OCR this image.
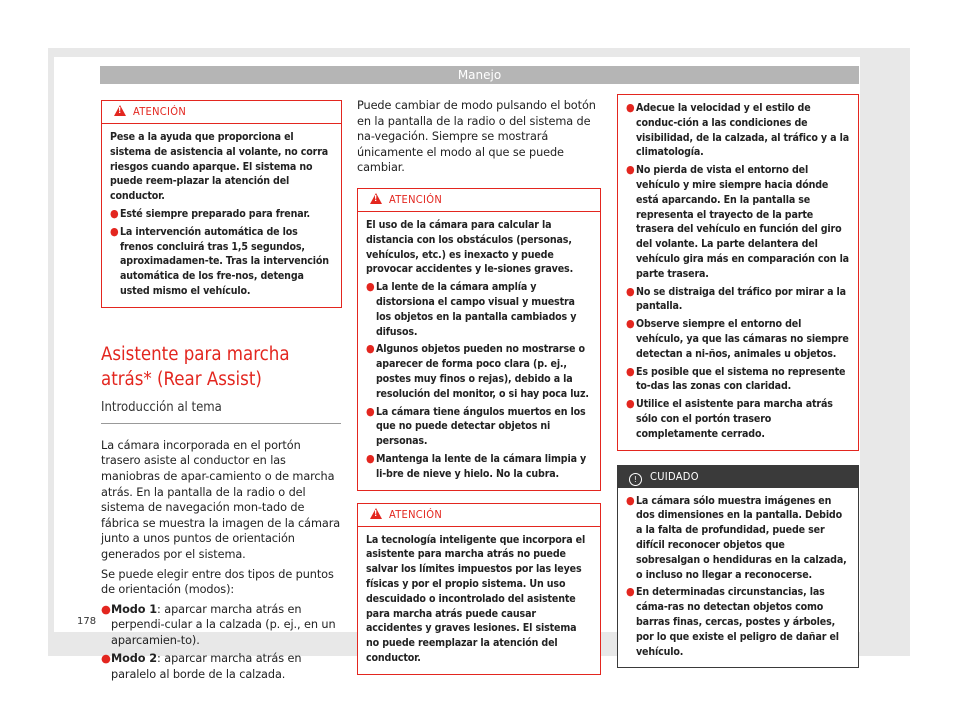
Manejo
!ATENCIÓN

Pese a la ayuda que proporciona el sistema de asistencia al volante, no corra riesgos cuando aparque. El sistema no puede reem-plazar la atención del conductor.

● Esté siempre preparado para frenar.
● La intervención automática de los frenos concluirá tras 1,5 segundos, aproximadamen-te. Tras la intervención automática de los fre-nos, detenga usted mismo el vehículo.

Asistente para marcha atrás* (Rear Assist)

Introducción al tema

La cámara incorporada en el portón trasero asiste al conductor en las maniobras de apar-camiento o de marcha atrás. En la pantalla de la radio o del sistema de navegación mon-tado de fábrica se muestra la imagen de la cámara junto a unos puntos de orientación generados por el sistema.

Se puede elegir entre dos tipos de puntos de orientación (modos):

● Modo 1: aparcar marcha atrás en perpendi-cular a la calzada (p. ej., en un aparcamien-to).
● Modo 2: aparcar marcha atrás en paralelo al borde de la calzada.

Puede cambiar de modo pulsando el botón en la pantalla de la radio o del sistema de na-vegación. Siempre se mostrará únicamente el modo al que se puede cambiar.

!ATENCIÓN

El uso de la cámara para calcular la distancia con los obstáculos (personas, vehículos, etc.) es inexacto y puede provocar accidentes y le-siones graves.

● La lente de la cámara amplía y distorsiona el campo visual y muestra los objetos en la pantalla cambiados y difusos.
● Algunos objetos pueden no mostrarse o aparecer de forma poco clara (p. ej., postes muy finos o rejas), debido a la resolución del monitor, o si hay poca luz.
● La cámara tiene ángulos muertos en los que no puede detectar objetos ni personas.
● Mantenga la lente de la cámara limpia y li-bre de nieve y hielo. No la cubra.
!ATENCIÓN

La tecnología inteligente que incorpora el asistente para marcha atrás no puede salvar los límites impuestos por las leyes físicas y por el propio sistema. Un uso descuidado o incontrolado del asistente para marcha atrás puede causar accidentes y graves lesiones. El sistema no puede reemplazar la atención del conductor.

● Adecue la velocidad y el estilo de conduc-ción a las condiciones de visibilidad, de la calzada, al tráfico y a la climatología.
● No pierda de vista el entorno del vehículo y mire siempre hacia dónde está aparcando. En la pantalla se representa el trayecto de la parte trasera del vehículo en función del giro del volante. La parte delantera del vehículo gira más en comparación con la parte trasera.
● No se distraiga del tráfico por mirar a la pantalla.
● Observe siempre el entorno del vehículo, ya que las cámaras no siempre detectan a ni-ños, animales u objetos.
● Es posible que el sistema no represente to-das las zonas con claridad.
● Utilice el asistente para marcha atrás sólo con el portón trasero completamente cerrado.
! CUIDADO
● La cámara sólo muestra imágenes en dos dimensiones en la pantalla. Debido a la falta de profundidad, puede ser difícil reconocer objetos que sobresalgan o hendiduras en la calzada, o incluso no llegar a reconocerse.
● En determinadas circunstancias, las cáma-ras no detectan objetos como barras finas, cercas, postes y árboles, por lo que existe el peligro de dañar el vehículo.
178
